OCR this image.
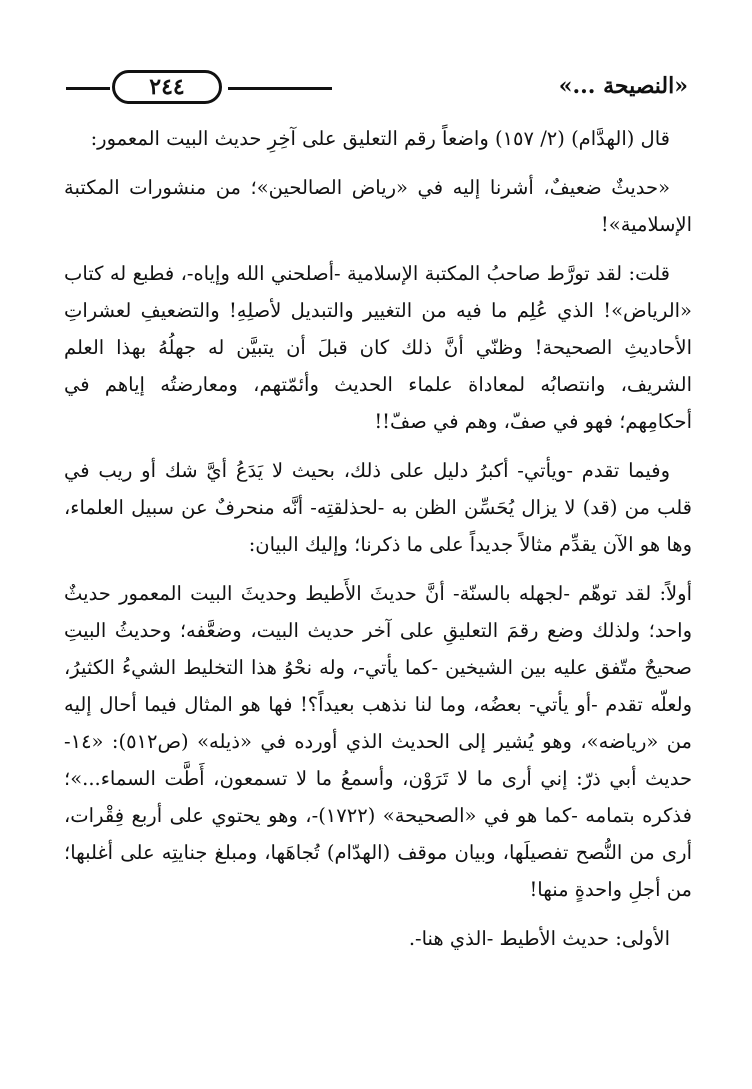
٢٤٤	«النصيحة ...»

قال (الهدَّام) (٢/ ١٥٧) واضعاً رقم التعليق على آخِرِ حديث البيت المعمور:

«حديثٌ ضعيفٌ، أشرنا إليه في «رياض الصالحين»؛ من منشورات المكتبة الإسلامية»!

قلت: لقد تورَّط صاحبُ المكتبة الإسلامية -أصلحني الله وإياه-، فطبع له كتاب «الرياض»! الذي عُلِم ما فيه من التغيير والتبديل لأصلِهِ! والتضعيفِ لعشراتِ الأحاديثِ الصحيحة! وظنّي أنَّ ذلك كان قبلَ أن يتبيَّن له جهلُهُ بهذا العلم الشريف، وانتصابُه لمعاداة علماء الحديث وأئمّتهم، ومعارضتُه إياهم في أحكامِهم؛ فهو في صفّ، وهم في صفّ!!

وفيما تقدم -ويأتي- أكبرُ دليل على ذلك، بحيث لا يَدَعُ أيَّ شك أو ريب في قلب من (قد) لا يزال يُحَسِّن الظن به -لحذلقتِه- أنَّه منحرفٌ عن سبيل العلماء، وها هو الآن يقدِّم مثالاً جديداً على ما ذكرنا؛ وإليك البيان:

أولاً: لقد توهّم -لجهله بالسنّة- أنَّ حديثَ الأَطيط وحديثَ البيت المعمور حديثٌ واحد؛ ولذلك وضع رقمَ التعليقِ على آخر حديث البيت، وضعَّفه؛ وحديثُ البيتِ صحيحٌ متّفق عليه بين الشيخين -كما يأتي-، وله نحْوُ هذا التخليط الشيءُ الكثيرُ، ولعلّه تقدم -أو يأتي- بعضُه، وما لنا نذهب بعيداً؟! فها هو المثال فيما أحال إليه من «رياضه»، وهو يُشير إلى الحديث الذي أورده في «ذيله» (ص٥١٢): «١٤- حديث أبي ذرّ: إني أرى ما لا تَرَوْن، وأسمعُ ما لا تسمعون، أَطَّت السماء...»؛ فذكره بتمامه -كما هو في «الصحيحة» (١٧٢٢)-، وهو يحتوي على أربع فِقْرات، أرى من النُّصح تفصيلَها، وبيان موقف (الهدّام) تُجاهَها، ومبلغ جنايتِه على أغلبها؛ من أجلِ واحدةٍ منها!

الأولى: حديث الأطيط -الذي هنا-.
